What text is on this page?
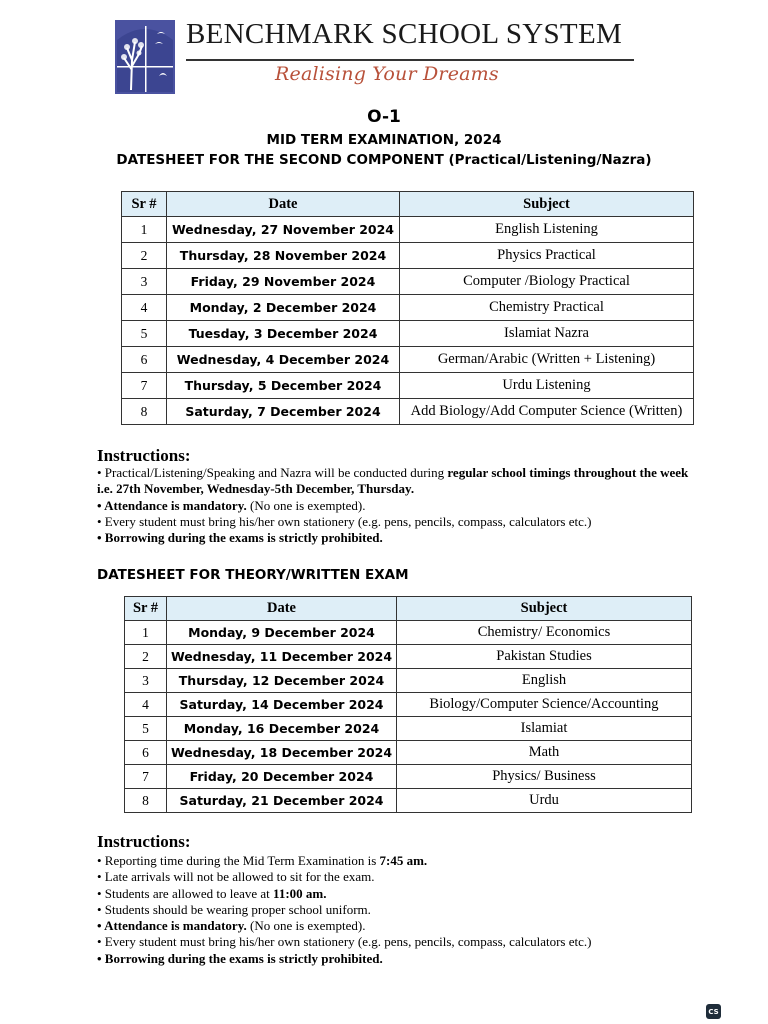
BENCHMARK SCHOOL SYSTEM
Realising Your Dreams
O-1
MID TERM EXAMINATION, 2024
DATESHEET FOR THE SECOND COMPONENT (Practical/Listening/Nazra)
Sr #	Date	Subject
1	Wednesday, 27 November 2024	English Listening
2	Thursday, 28 November 2024	Physics Practical
3	Friday, 29 November 2024	Computer /Biology Practical
4	Monday, 2 December 2024	Chemistry Practical
5	Tuesday, 3 December 2024	Islamiat Nazra
6	Wednesday, 4 December 2024	German/Arabic (Written + Listening)
7	Thursday, 5 December 2024	Urdu Listening
8	Saturday, 7 December 2024	Add Biology/Add Computer Science (Written)
Instructions:
• Practical/Listening/Speaking and Nazra will be conducted during regular school timings throughout the week
i.e. 27th November, Wednesday-5th December, Thursday.
• Attendance is mandatory. (No one is exempted).
• Every student must bring his/her own stationery (e.g. pens, pencils, compass, calculators etc.)
• Borrowing during the exams is strictly prohibited.
DATESHEET FOR THEORY/WRITTEN EXAM
Sr #	Date	Subject
1	Monday, 9 December 2024	Chemistry/ Economics
2	Wednesday, 11 December 2024	Pakistan Studies
3	Thursday, 12 December 2024	English
4	Saturday, 14 December 2024	Biology/Computer Science/Accounting
5	Monday, 16 December 2024	Islamiat
6	Wednesday, 18 December 2024	Math
7	Friday, 20 December 2024	Physics/ Business
8	Saturday, 21 December 2024	Urdu
Instructions:
• Reporting time during the Mid Term Examination is 7:45 am.
• Late arrivals will not be allowed to sit for the exam.
• Students are allowed to leave at 11:00 am.
• Students should be wearing proper school uniform.
• Attendance is mandatory. (No one is exempted).
• Every student must bring his/her own stationery (e.g. pens, pencils, compass, calculators etc.)
• Borrowing during the exams is strictly prohibited.
CS
